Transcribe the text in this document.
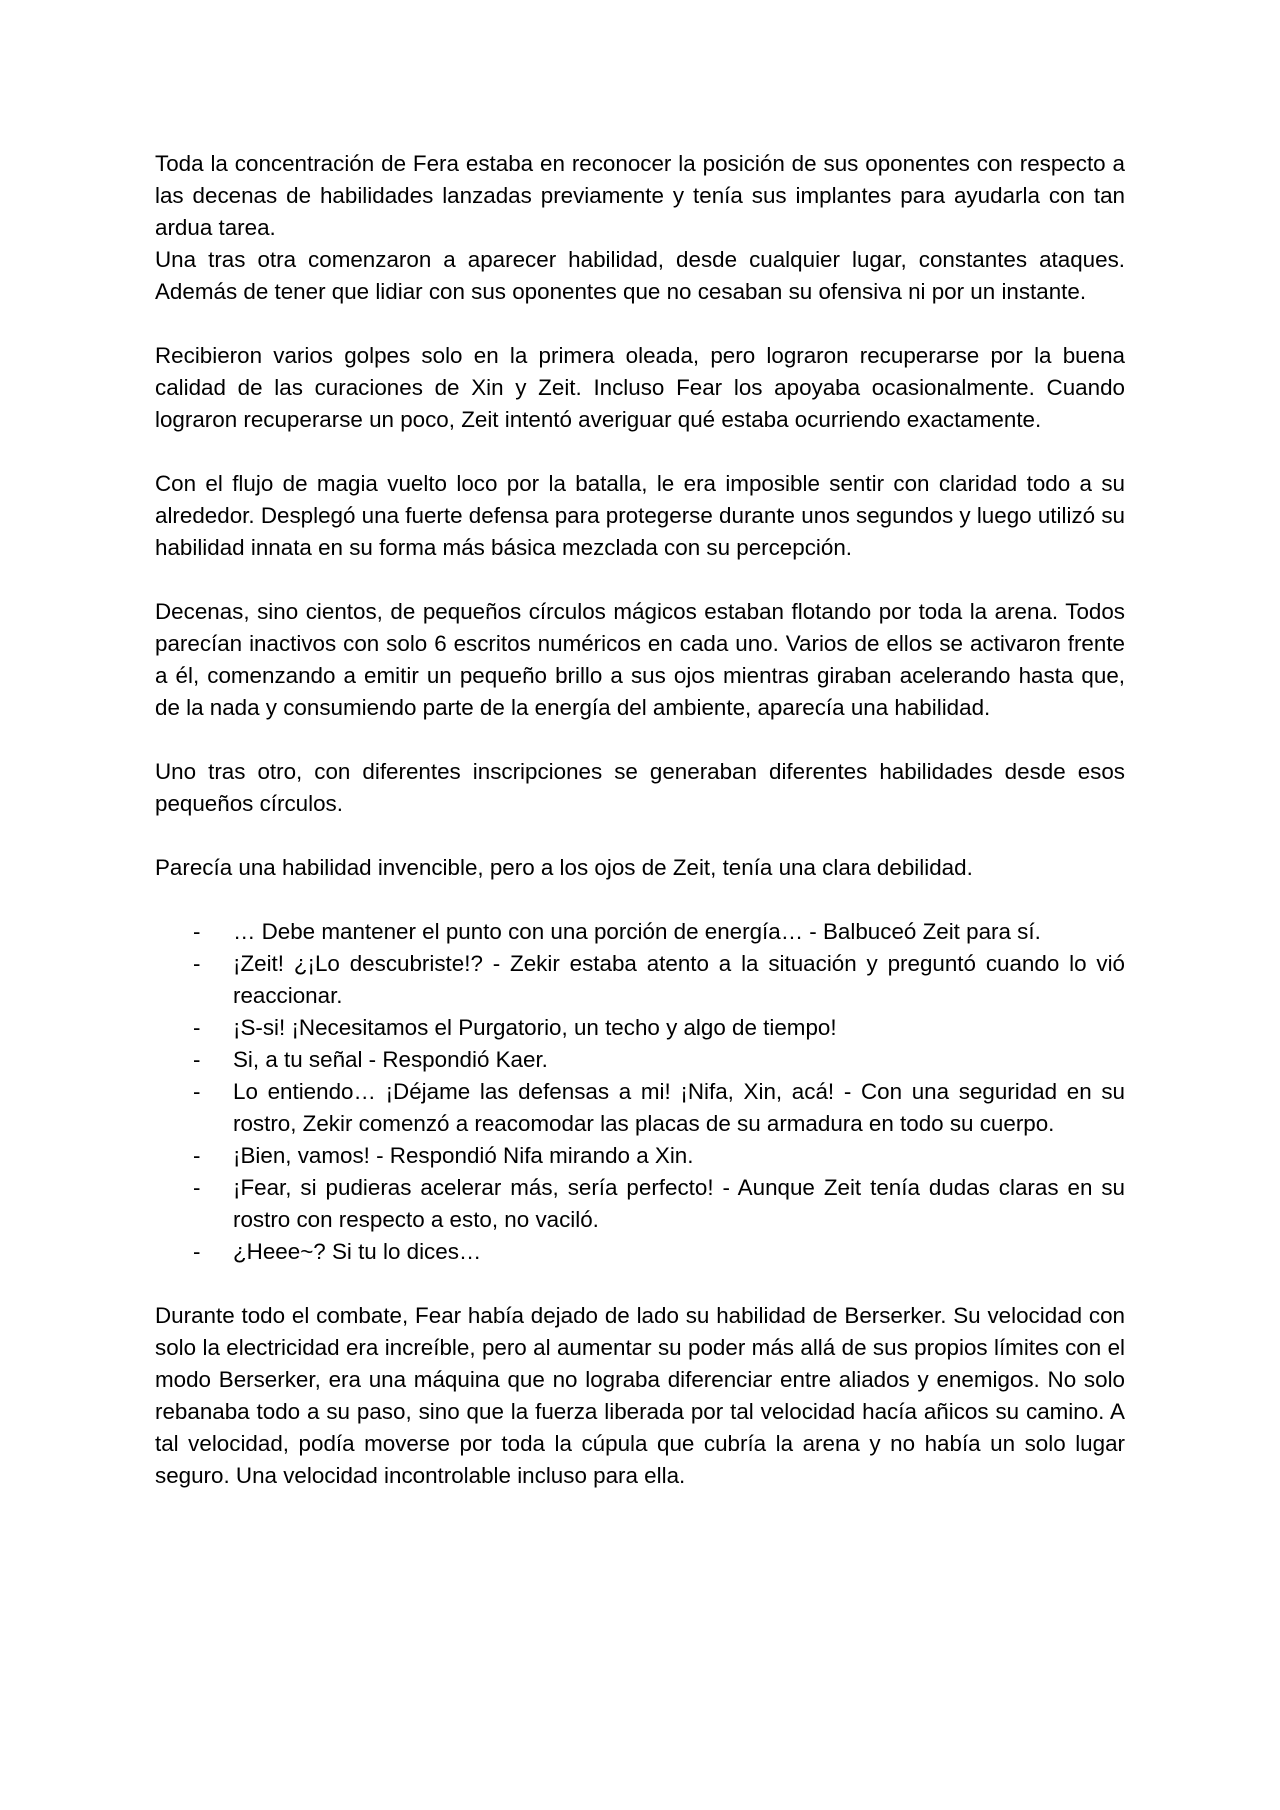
Toda la concentración de Fera estaba en reconocer la posición de sus oponentes con respecto a las decenas de habilidades lanzadas previamente y tenía sus implantes para ayudarla con tan ardua tarea.

Una tras otra comenzaron a aparecer habilidad, desde cualquier lugar, constantes ataques. Además de tener que lidiar con sus oponentes que no cesaban su ofensiva ni por un instante.

Recibieron varios golpes solo en la primera oleada, pero lograron recuperarse por la buena calidad de las curaciones de Xin y Zeit. Incluso Fear los apoyaba ocasionalmente. Cuando lograron recuperarse un poco, Zeit intentó averiguar qué estaba ocurriendo exactamente.

Con el flujo de magia vuelto loco por la batalla, le era imposible sentir con claridad todo a su alrededor. Desplegó una fuerte defensa para protegerse durante unos segundos y luego utilizó su habilidad innata en su forma más básica mezclada con su percepción.

Decenas, sino cientos, de pequeños círculos mágicos estaban flotando por toda la arena. Todos parecían inactivos con solo 6 escritos numéricos en cada uno. Varios de ellos se activaron frente a él, comenzando a emitir un pequeño brillo a sus ojos mientras giraban acelerando hasta que, de la nada y consumiendo parte de la energía del ambiente, aparecía una habilidad.

Uno tras otro, con diferentes inscripciones se generaban diferentes habilidades desde esos pequeños círculos.

Parecía una habilidad invencible, pero a los ojos de Zeit, tenía una clara debilidad.

- … Debe mantener el punto con una porción de energía… - Balbuceó Zeit para sí.
- ¡Zeit! ¿¡Lo descubriste!? - Zekir estaba atento a la situación y preguntó cuando lo vió reaccionar.
- ¡S-si! ¡Necesitamos el Purgatorio, un techo y algo de tiempo!
- Si, a tu señal - Respondió Kaer.
- Lo entiendo… ¡Déjame las defensas a mi! ¡Nifa, Xin, acá! - Con una seguridad en su rostro, Zekir comenzó a reacomodar las placas de su armadura en todo su cuerpo.
- ¡Bien, vamos! - Respondió Nifa mirando a Xin.
- ¡Fear, si pudieras acelerar más, sería perfecto! - Aunque Zeit tenía dudas claras en su rostro con respecto a esto, no vaciló.
- ¿Heee~? Si tu lo dices…

Durante todo el combate, Fear había dejado de lado su habilidad de Berserker. Su velocidad con solo la electricidad era increíble, pero al aumentar su poder más allá de sus propios límites con el modo Berserker, era una máquina que no lograba diferenciar entre aliados y enemigos. No solo rebanaba todo a su paso, sino que la fuerza liberada por tal velocidad hacía añicos su camino. A tal velocidad, podía moverse por toda la cúpula que cubría la arena y no había un solo lugar seguro. Una velocidad incontrolable incluso para ella.
